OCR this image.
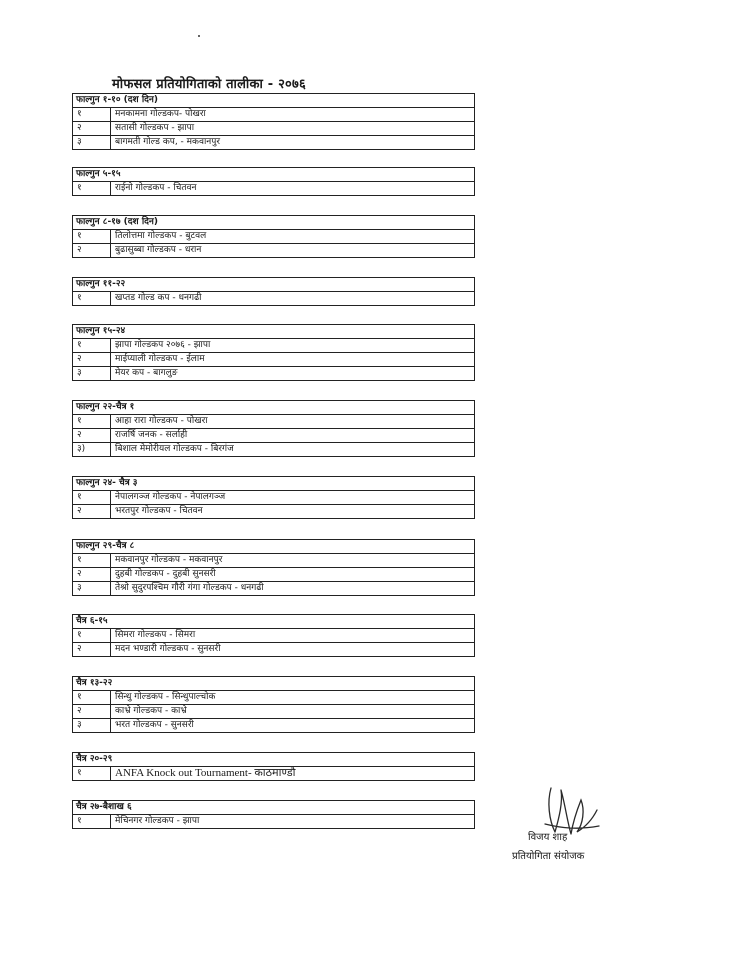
मोफसल प्रतियोगिताको तालीका - २०७६
फाल्गुन १-१० (दश दिन)
१	मनकामना गोल्डकप- पोखरा
२	सतासी गोल्डकप - झापा
३	बागमती गोल्ड कप, - मकवानपुर
फाल्गुन ५-१५
१	राईनो गोल्डकप - चितवन
फाल्गुन ८-१७ (दश दिन)
१	तिलोत्तमा गोल्डकप - बुटवल
२	बुढासुब्बा गोल्डकप - धरान
फाल्गुन ११-२२
१	खप्तड गोल्ड कप - धनगढी
फाल्गुन १५-२४
१	झापा गोल्डकप २०७६ - झापा
२	माईप्याली गोल्डकप - ईलाम
३	मेयर कप - बागलुङ
फाल्गुन २२-चैत्र १
१	आहा रारा गोल्डकप - पोखरा
२	राजर्षि जनक - सर्लाही
३)	बिशाल मेमोरीयल गोल्डकप - बिरगंज
फाल्गुन २४- चैत्र ३
१	नेपालगञ्ज गोल्डकप - नेपालगञ्ज
२	भरतपुर गोल्डकप - चितवन
फाल्गुन २९-चैत्र ८
१	मकवानपुर गोल्डकप - मकवानपुर
२	दुहबी गोल्डकप - दुहबी सुनसरी
३	तेश्रो सुदुरपश्चिम गौरी गंगा गोल्डकप - धनगढी
चैत्र ६-१५
१	सिमरा गोल्डकप - सिमरा
२	मदन भण्डारी गोल्डकप - सुनसरी
चैत्र १३-२२
१	सिन्धु गोल्डकप - सिन्धुपाल्चोक
२	काभ्रे गोल्डकप - काभ्रे
३	भरत गोल्डकप - सुनसरी
चैत्र २०-२९
१	ANFA Knock out Tournament- काठमाण्डौ
चैत्र २७-बैशाख ६
१	मेचिनगर गोल्डकप - झापा
विजय शाह
प्रतियोगिता संयोजक
